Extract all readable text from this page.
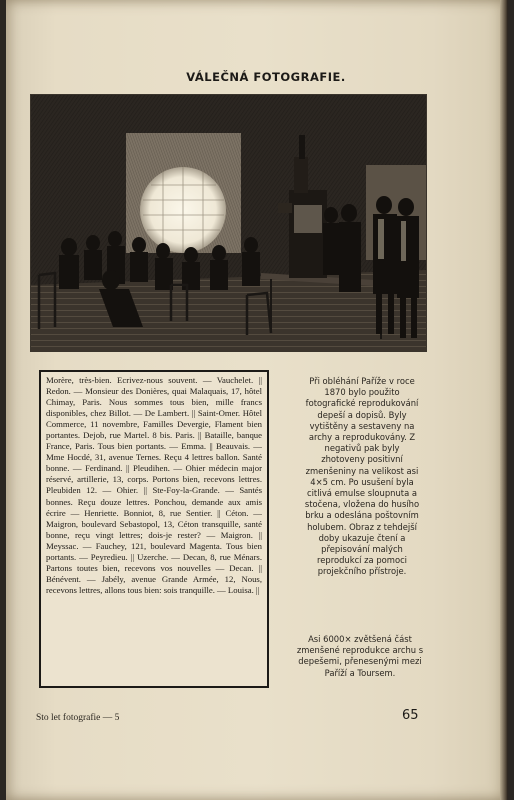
VÁLEČNÁ FOTOGRAFIE.

Morère, très-bien. Ecrivez-nous souvent. — Vauchelet. || Redon. — Monsieur des Donières, quai Malaquais, 17, hôtel Chimay, Paris. Nous sommes tous bien, mille francs disponibles, chez Billot. — De Lambert. || Saint-Omer. Hôtel Commerce, 11 novembre, Familles Devergie, Flament bien portantes. Dejob, rue Martel. 8 bis. Paris. || Bataille, banque France, Paris. Tous bien portants. — Emma. || Beauvais. — Mme Hocdé, 31, avenue Ternes. Reçu 4 lettres ballon. Santé bonne. — Ferdinand. || Pleudihen. — Ohier médecin major réservé, artillerie, 13, corps. Portons bien, recevons lettres. Pleubiden 12. — Ohier. || Ste-Foy-la-Grande. — Santés bonnes. Reçu douze lettres. Ponchou, demande aux amis écrire — Henriette. Bonniot, 8, rue Sentier. || Céton. — Maigron, boulevard Sebastopol, 13, Céton transquille, santé bonne, reçu vingt lettres; dois-je rester? — Maigron. || Meyssac. — Fauchey, 121, boulevard Magenta. Tous bien portants. — Peyredieu. || Uzerche. — Decan, 8, rue Ménars. Partons toutes bien, recevons vos nouvelles — Decan. || Bénévent. — Jabély, avenue Grande Armée, 12, Nous, recevons lettres, allons tous bien: sois tranquille. — Louisa. ||

Při obléhání Paříže v roce 1870 bylo použito fotografické reprodukování depeší a dopisů. Byly vytištěny a sestaveny na archy a reprodukovány. Z negativů pak byly zhotoveny positivní zmenšeniny na velikost asi 4×5 cm. Po usušení byla citlivá emulse sloupnuta a stočena, vložena do husího brku a odeslána poštovním holubem. Obraz z tehdejší doby ukazuje čtení a přepisování malých reprodukcí za pomoci projekčního přístroje.

Asi 6000× zvětšená část zmenšené reprodukce archu s depešemi, přenesenými mezi Paříží a Toursem.

Sto let fotografie — 5	65
